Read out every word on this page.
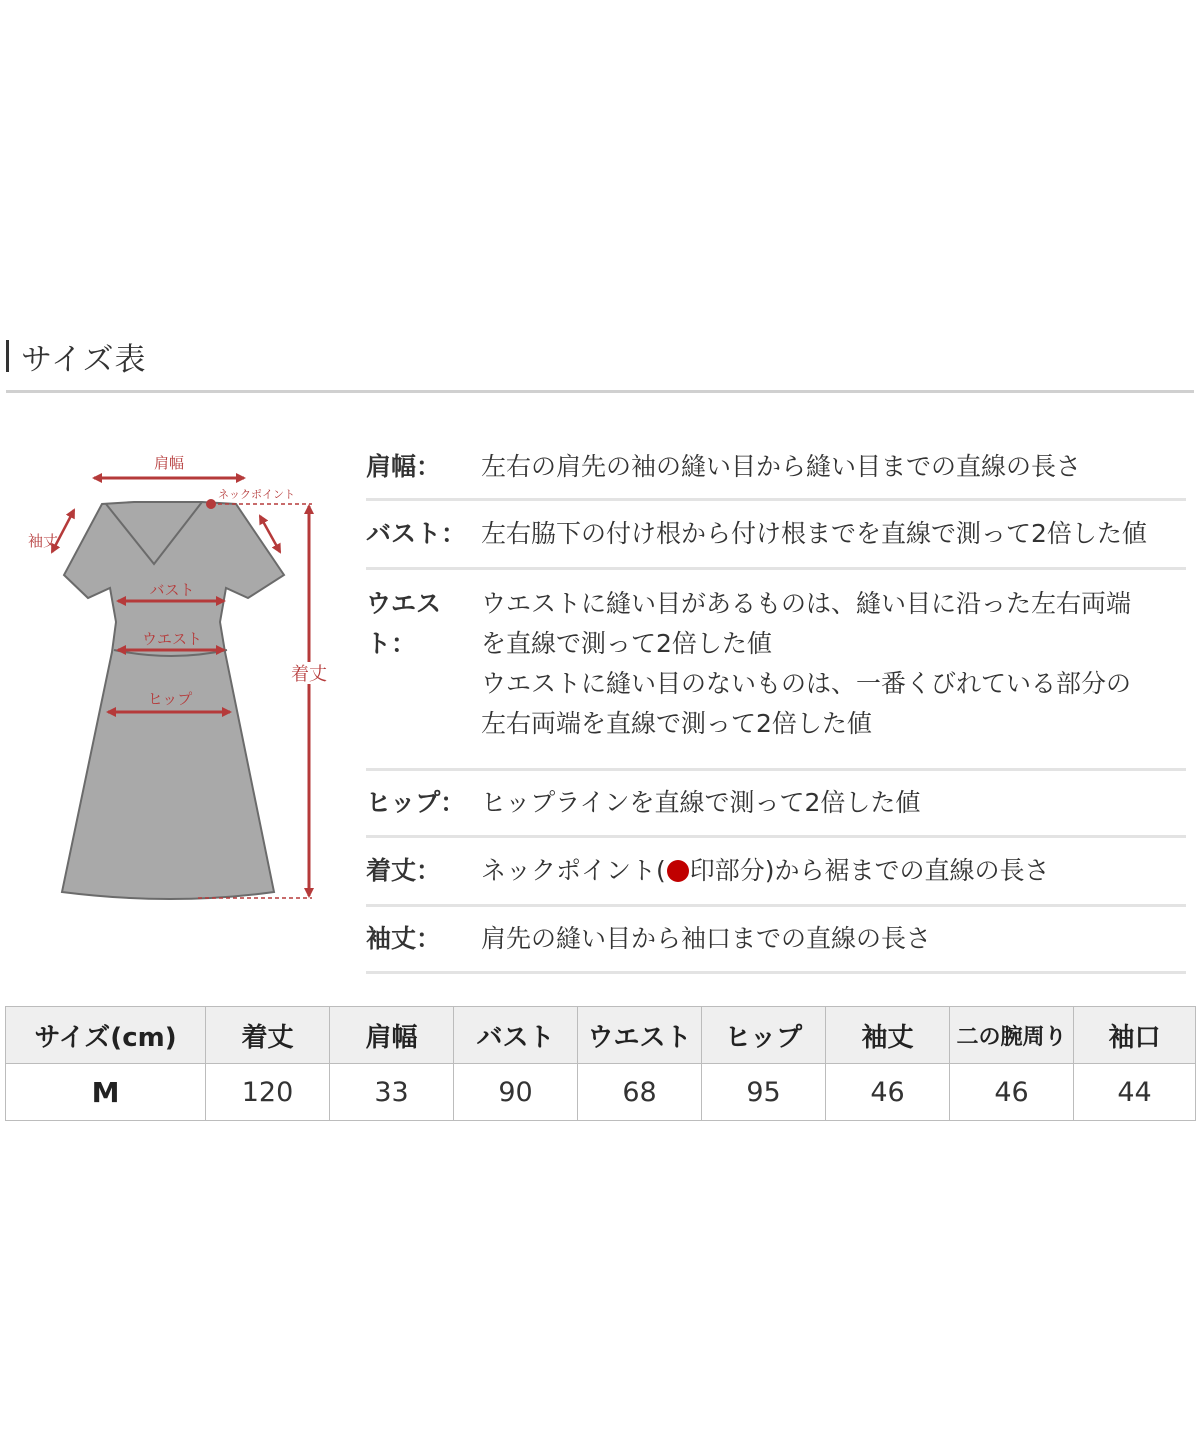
サイズ表
肩幅
ネックポイント
袖丈
バスト
ウエスト
ヒップ
着丈
肩幅：	左右の肩先の袖の縫い目から縫い目までの直線の長さ
バスト： 左右脇下の付け根から付け根までを直線で測って2倍した値
ウエスト：
ウエストに縫い目があるものは、縫い目に沿った左右両端
を直線で測って2倍した値
ウエストに縫い目のないものは、一番くびれている部分の
左右両端を直線で測って2倍した値
ヒップ： ヒップラインを直線で測って2倍した値
着丈：	ネックポイント( 印部分)から裾までの直線の長さ
袖丈：	肩先の縫い目から袖口までの直線の長さ
サイズ(cm)	着丈	肩幅	バスト	ウエスト	ヒップ	袖丈	二の腕周り	袖口
M	120	33	90	68	95	46	46	44
